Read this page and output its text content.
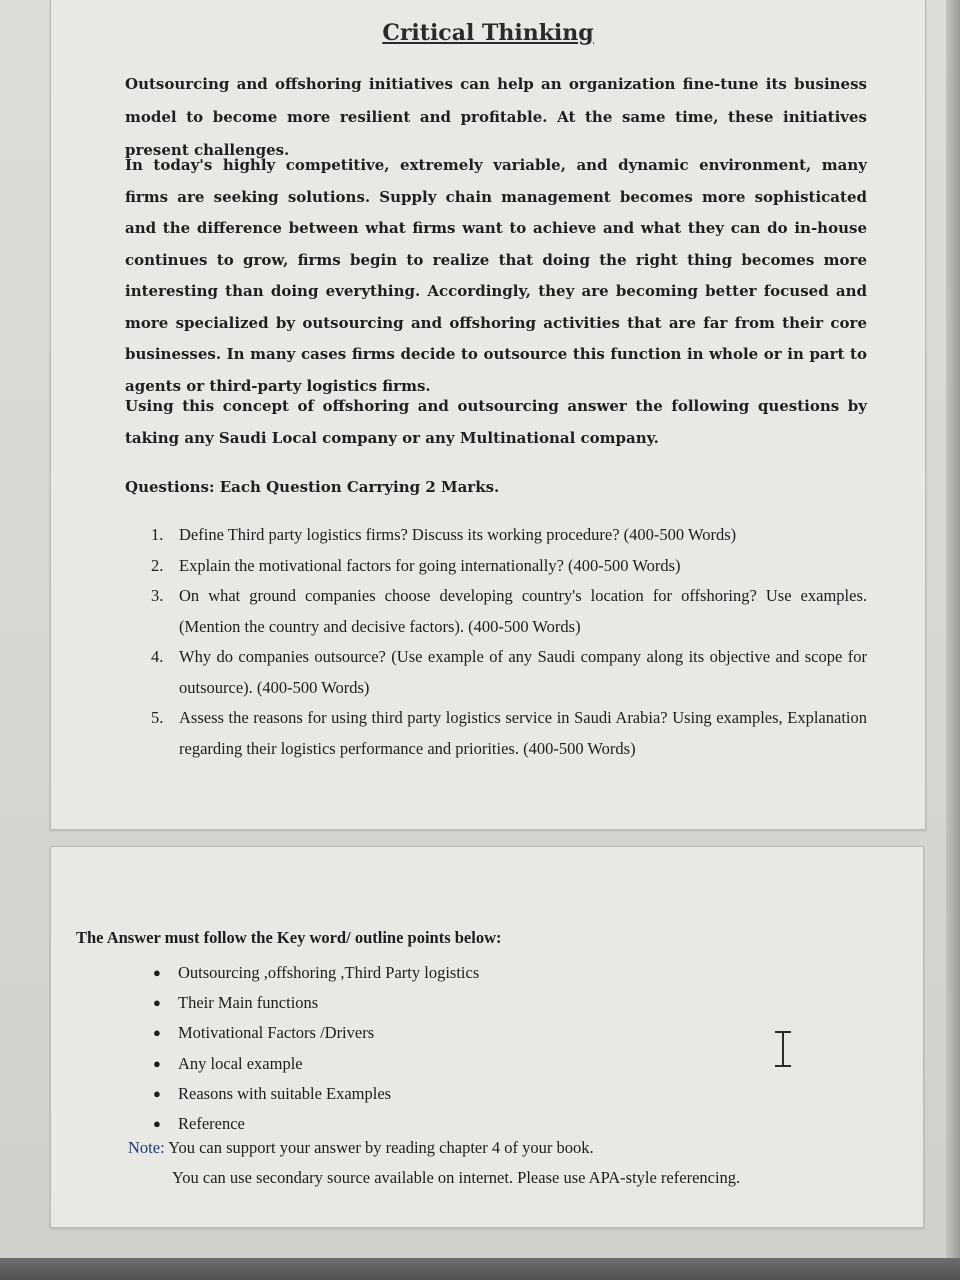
Critical Thinking

Outsourcing and offshoring initiatives can help an organization fine-tune its business model to become more resilient and profitable. At the same time, these initiatives present challenges.

In today's highly competitive, extremely variable, and dynamic environment, many firms are seeking solutions. Supply chain management becomes more sophisticated and the difference between what firms want to achieve and what they can do in-house continues to grow, firms begin to realize that doing the right thing becomes more interesting than doing everything. Accordingly, they are becoming better focused and more specialized by outsourcing and offshoring activities that are far from their core businesses. In many cases firms decide to outsource this function in whole or in part to agents or third-party logistics firms.

Using this concept of offshoring and outsourcing answer the following questions by taking any Saudi Local company or any Multinational company.

Questions: Each Question Carrying 2 Marks.

1. Define Third party logistics firms? Discuss its working procedure? (400-500 Words)
2. Explain the motivational factors for going internationally? (400-500 Words)
3. On what ground companies choose developing country's location for offshoring? Use examples. (Mention the country and decisive factors). (400-500 Words)
4. Why do companies outsource? (Use example of any Saudi company along its objective and scope for outsource). (400-500 Words)
5. Assess the reasons for using third party logistics service in Saudi Arabia? Using examples, Explanation regarding their logistics performance and priorities. (400-500 Words)
The Answer must follow the Key word/ outline points below:
● Outsourcing ,offshoring ,Third Party logistics
● Their Main functions
● Motivational Factors /Drivers
● Any local example
● Reasons with suitable Examples
● Reference
Note: You can support your answer by reading chapter 4 of your book.
You can use secondary source available on internet. Please use APA-style referencing.
